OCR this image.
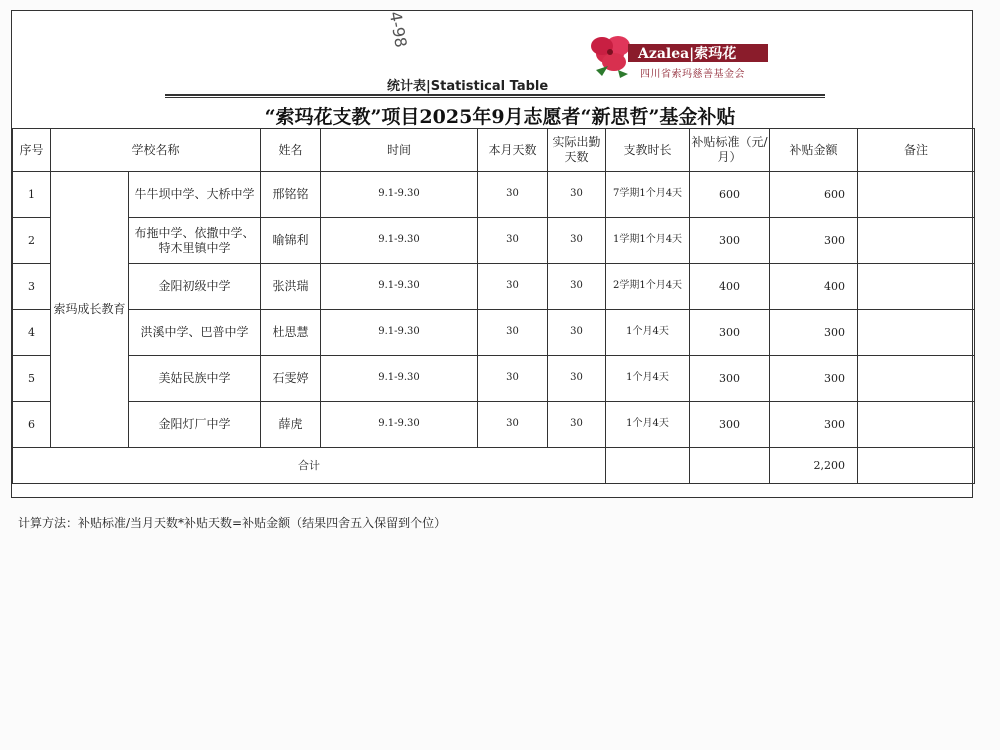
4-98
Azalea|索玛花
四川省索玛慈善基金会
统计表|Statistical Table
“索玛花支教”项目2025年9月志愿者“新思哲”基金补贴
序号	学校名称		姓名	时间	本月天数	实际出勤天数	支教时长	补贴标准（元/月）	补贴金额	备注
1	索玛成长教育	牛牛坝中学、大桥中学	邢铭铭	9.1-9.30	30	30	7学期1个月4天	600	600	
2		布拖中学、依撒中学、特木里镇中学	喻锦利	9.1-9.30	30	30	1学期1个月4天	300	300	
3		金阳初级中学	张洪瑞	9.1-9.30	30	30	2学期1个月4天	400	400	
4		洪溪中学、巴普中学	杜思慧	9.1-9.30	30	30	1个月4天	300	300	
5		美姑民族中学	石雯婷	9.1-9.30	30	30	1个月4天	300	300	
6		金阳灯厂中学	薛虎	9.1-9.30	30	30	1个月4天	300	300	
合计									2,200	
计算方法：补贴标准/当月天数*补贴天数=补贴金额（结果四舍五入保留到个位）
